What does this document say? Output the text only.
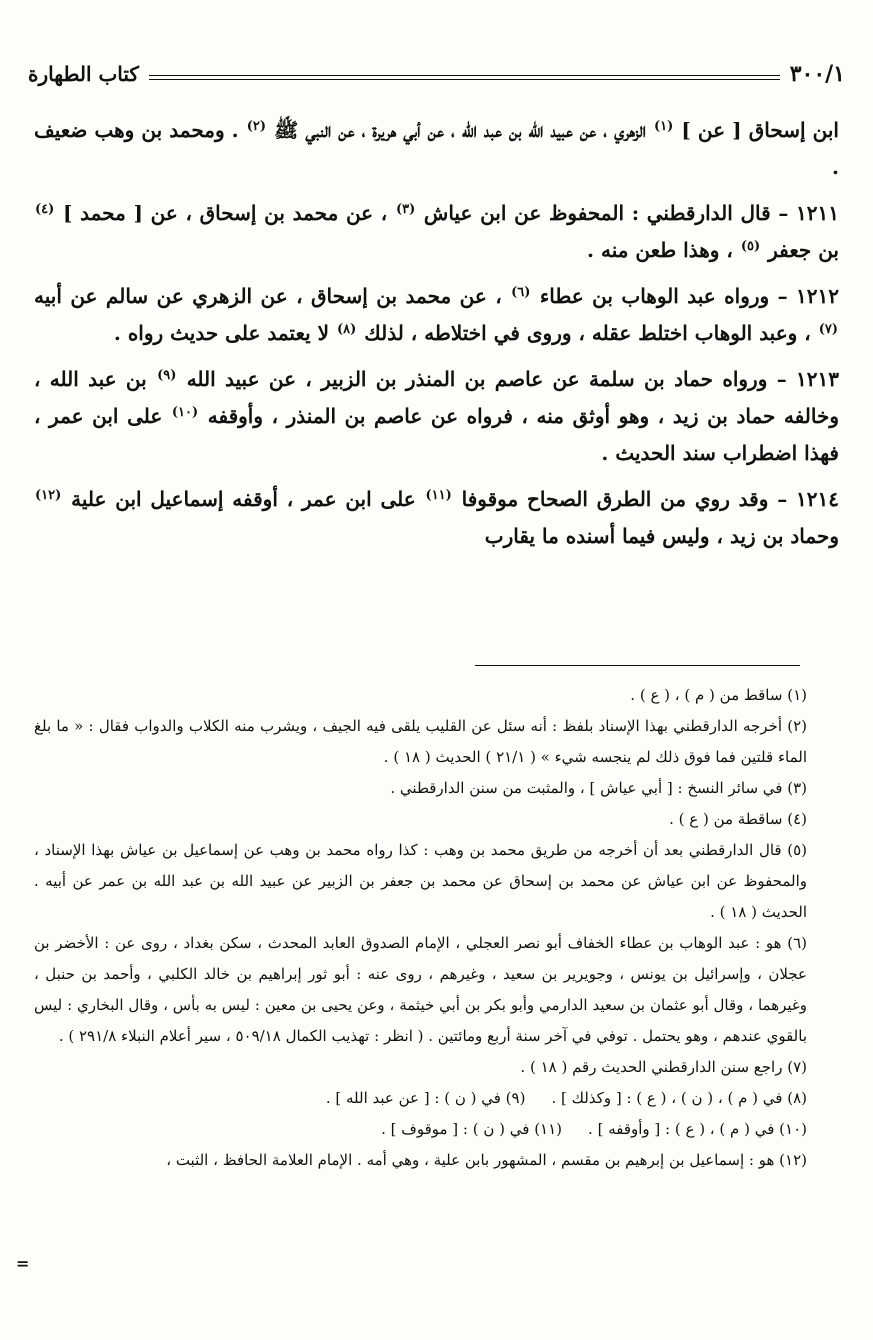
٣٠٠/١
كتاب الطهارة

ابن إسحاق [ عن ] $^{(١)}$ الزهري ، عن عبيد الله بن عبد الله ، عن أبي هريرة ، عن النبي ﷺ $^{(٢)}$ . ومحمد بن وهب ضعيف .

١٢١١ – قال الدارقطني : المحفوظ عن ابن عياش $^{(٣)}$ ، عن محمد بن إسحاق ، عن [ محمد ] $^{(٤)}$ بن جعفر $^{(٥)}$ ، وهذا طعن منه .

١٢١٢ – ورواه عبد الوهاب بن عطاء $^{(٦)}$ ، عن محمد بن إسحاق ، عن الزهري عن سالم عن أبيه $^{(٧)}$ ، وعبد الوهاب اختلط عقله ، وروى في اختلاطه ، لذلك $^{(٨)}$ لا يعتمد على حديث رواه .

١٢١٣ – ورواه حماد بن سلمة عن عاصم بن المنذر بن الزبير ، عن عبيد الله $^{(٩)}$ بن عبد الله ، وخالفه حماد بن زيد ، وهو أوثق منه ، فرواه عن عاصم بن المنذر ، وأوقفه $^{(١٠)}$ على ابن عمر ، فهذا اضطراب سند الحديث .

١٢١٤ – وقد روي من الطرق الصحاح موقوفا $^{(١١)}$ على ابن عمر ، أوقفه إسماعيل ابن علية $^{(١٢)}$ وحماد بن زيد ، وليس فيما أسنده ما يقارب

(١) ساقط من ( م ) ، ( ع ) .

(٢) أخرجه الدارقطني بهذا الإسناد بلفظ : أنه سئل عن القليب يلقى فيه الجيف ، ويشرب منه الكلاب والدواب فقال : « ما بلغ الماء قلتين فما فوق ذلك لم ينجسه شيء » ( ٢١/١ ) الحديث ( ١٨ ) .

(٣) في سائر النسخ : [ أبي عياش ] ، والمثبت من سنن الدارقطني .

(٤) ساقطة من ( ع ) .

(٥) قال الدارقطني بعد أن أخرجه من طريق محمد بن وهب : كذا رواه محمد بن وهب عن إسماعيل بن عياش بهذا الإسناد ، والمحفوظ عن ابن عياش عن محمد بن إسحاق عن محمد بن جعفر بن الزبير عن عبيد الله بن عبد الله بن عمر عن أبيه . الحديث ( ١٨ ) .

(٦) هو : عبد الوهاب بن عطاء الخفاف أبو نصر العجلي ، الإمام الصدوق العابد المحدث ، سكن بغداد ، روى عن : الأخضر بن عجلان ، وإسرائيل بن يونس ، وجويرير بن سعيد ، وغيرهم ، روى عنه : أبو ثور إبراهيم بن خالد الكلبي ، وأحمد بن حنبل ، وغيرهما ، وقال أبو عثمان بن سعيد الدارمي وأبو بكر بن أبي خيثمة ، وعن يحيى بن معين : ليس به بأس ، وقال البخاري : ليس بالقوي عندهم ، وهو يحتمل . توفي في آخر سنة أربع ومائتين . ( انظر : تهذيب الكمال ٥٠٩/١٨ ، سير أعلام النبلاء ٢٩١/٨ ) .

(٧) راجع سنن الدارقطني الحديث رقم ( ١٨ ) .

(٨) في ( م ) ، ( ن ) ، ( ع ) : [ وكذلك ] .
(٩) في ( ن ) : [ عن عبد الله ] .
(١٠) في ( م ) ، ( ع ) : [ وأوقفه ] .
(١١) في ( ن ) : [ موقوف ] .

(١٢) هو : إسماعيل بن إبرهيم بن مقسم ، المشهور بابن علية ، وهي أمه . الإمام العلامة الحافظ ، الثبت ،

=
